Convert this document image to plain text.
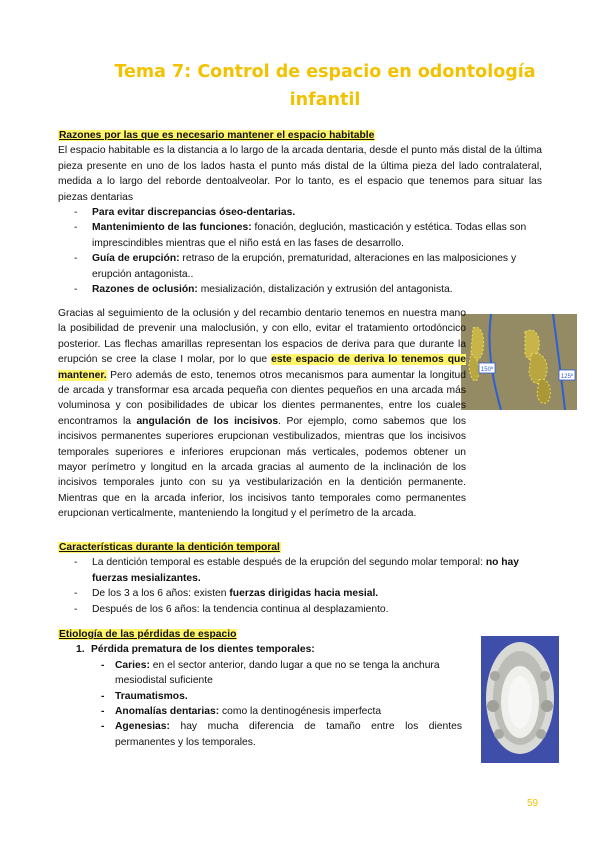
Tema 7: Control de espacio en odontología
infantil
Razones por las que es necesario mantener el espacio habitable

El espacio habitable es la distancia a lo largo de la arcada dentaria, desde el punto más distal de la última pieza presente en uno de los lados hasta el punto más distal de la última pieza del lado contralateral, medida a lo largo del reborde dentoalveolar. Por lo tanto, es el espacio que tenemos para situar las piezas dentarias

- Para evitar discrepancias óseo-dentarias.
- Mantenimiento de las funciones: fonación, deglución, masticación y estética. Todas ellas son imprescindibles mientras que el niño está en las fases de desarrollo.
- Guía de erupción: retraso de la erupción, prematuridad, alteraciones en las malposiciones y erupción antagonista..
- Razones de oclusión: mesialización, distalización y extrusión del antagonista.
150º
125º

Gracias al seguimiento de la oclusión y del recambio dentario tenemos en nuestra mano la posibilidad de prevenir una maloclusión, y con ello, evitar el tratamiento ortodóncico posterior. Las flechas amarillas representan los espacios de deriva para que durante la erupción se cree la clase I molar, por lo que este espacio de deriva lo tenemos que mantener. Pero además de esto, tenemos otros mecanismos para aumentar la longitud de arcada y transformar esa arcada pequeña con dientes pequeños en una arcada más voluminosa y con posibilidades de ubicar los dientes permanentes, entre los cuales encontramos la angulación de los incisivos. Por ejemplo, como sabemos que los incisivos permanentes superiores erupcionan vestibulizados, mientras que los incisivos temporales superiores e inferiores erupcionan más verticales, podemos obtener un mayor perímetro y longitud en la arcada gracias al aumento de la inclinación de los incisivos temporales junto con su ya vestibularización en la dentición permanente. Mientras que en la arcada inferior, los incisivos tanto temporales como permanentes erupcionan verticalmente, manteniendo la longitud y el perímetro de la arcada.

Características durante la dentición temporal
- La dentición temporal es estable después de la erupción del segundo molar temporal: no hay fuerzas mesializantes.
- De los 3 a los 6 años: existen fuerzas dirigidas hacia mesial.
- Después de los 6 años: la tendencia continua al desplazamiento.
Etiología de las pérdidas de espacio
1. Pérdida prematura de los dientes temporales:
- Caries: en el sector anterior, dando lugar a que no se tenga la anchura mesiodistal suficiente
- Traumatismos.
- Anomalías dentarias: como la dentinogénesis imperfecta
- Agenesias: hay mucha diferencia de tamaño entre los dientes permanentes y los temporales.
59
